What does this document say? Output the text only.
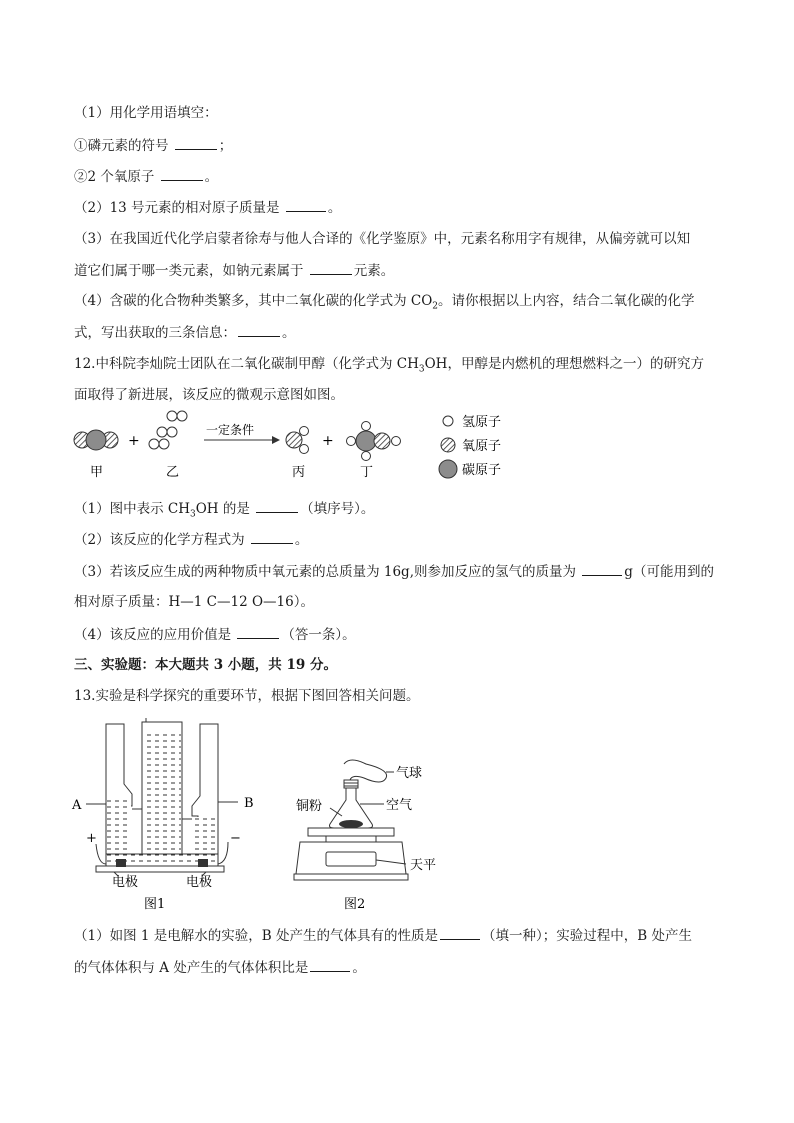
（1）用化学用语填空：
①磷元素的符号	；
②2 个氧原子	。
（2）13 号元素的相对原子质量是	。
（3）在我国近代化学启蒙者徐寿与他人合译的《化学鉴原》中，元素名称用字有规律，从偏旁就可以知
道它们属于哪一类元素，如钠元素属于	元素。
（4）含碳的化合物种类繁多，其中二氧化碳的化学式为 $CO_2$。请你根据以上内容，结合二氧化碳的化学
式，写出获取的三条信息：	。
12.中科院李灿院士团队在二氧化碳制甲醇（化学式为 $CH_3OH$，甲醇是内燃机的理想燃料之一）的研究方
面取得了新进展，该反应的微观示意图如图。
+
一定条件
+
甲	乙	丙	丁
氢原子
氧原子
碳原子
（1）图中表示 $CH_3OH$ 的是	（填序号）。
（2）该反应的化学方程式为	。
（3）若该反应生成的两种物质中氧元素的总质量为 16g,则参加反应的氢气的质量为	g（可能用到的
相对原子质量：H—1 C—12 O—16）。
（4）该反应的应用价值是	（答一条）。
三、实验题：本大题共 3 小题，共 19 分。
13.实验是科学探究的重要环节，根据下图回答相关问题。
A	B
+	−
电极	电极
图1
气球
铜粉	空气
天平
图2
（1）如图 1 是电解水的实验，B 处产生的气体具有的性质是	（填一种）；实验过程中，B 处产生
的气体体积与 A 处产生的气体体积比是	。
